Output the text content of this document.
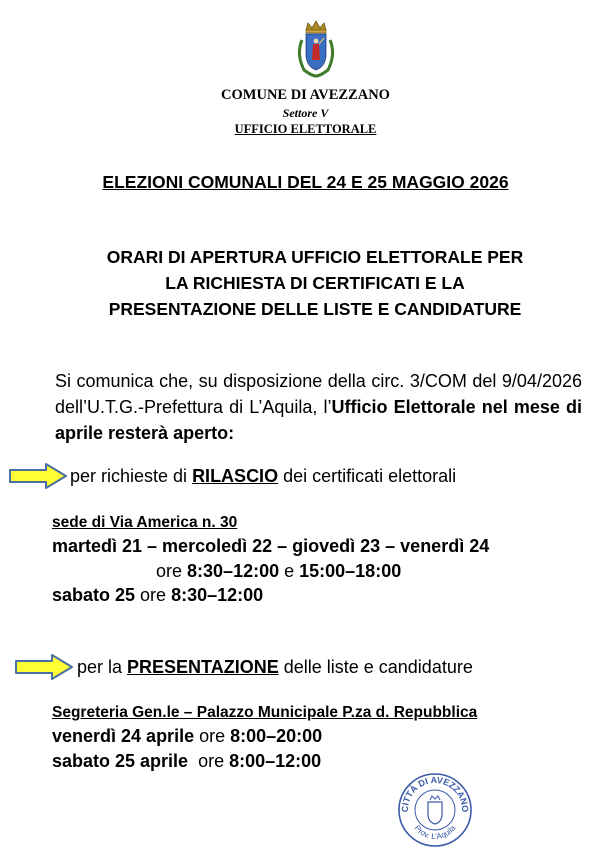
COMUNE DI AVEZZANO
Settore V
UFFICIO ELETTORALE
ELEZIONI COMUNALI DEL 24 E 25 MAGGIO 2026
ORARI DI APERTURA UFFICIO ELETTORALE PER
LA RICHIESTA DI CERTIFICATI E LA
PRESENTAZIONE DELLE LISTE E CANDIDATURE
Si comunica che, su disposizione della circ. 3/COM del 9/04/2026 dell’U.T.G.-Prefettura di L’Aquila, l’Ufficio Elettorale nel mese di aprile resterà aperto:
per richieste di RILASCIO dei certificati elettorali
sede di Via America n. 30
martedì 21 – mercoledì 22 – giovedì 23 – venerdì 24
ore 8:30–12:00 e 15:00–18:00
sabato 25 ore 8:30–12:00
per la PRESENTAZIONE delle liste e candidature
Segreteria Gen.le – Palazzo Municipale P.za d. Repubblica
venerdì 24 aprile ore 8:00–20:00
sabato 25 aprile  ore 8:00–12:00
CITTÀ DI AVEZZANO
Prov. L'Aquila
